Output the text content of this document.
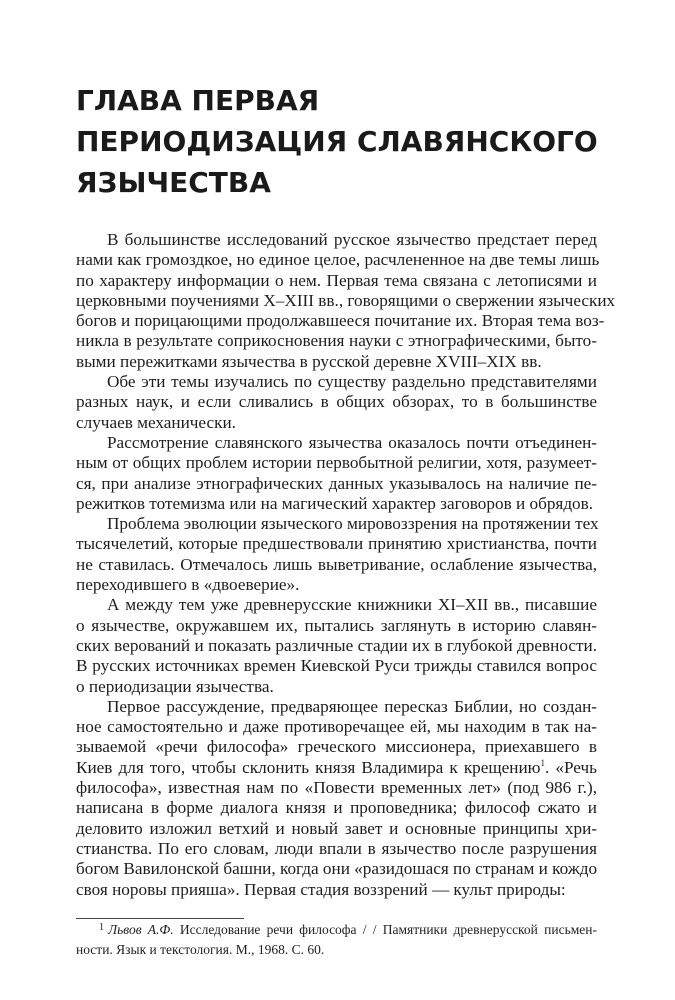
ГЛАВА ПЕРВАЯ
ПЕРИОДИЗАЦИЯ СЛАВЯНСКОГО
ЯЗЫЧЕСТВА

В большинстве исследований русское язычество предстает перед
нами как громоздкое, но единое целое, расчлененное на две темы лишь
по характеру информации о нем. Первая тема связана с летописями и
церковными поучениями X–XIII вв., говорящими о свержении языческих
богов и порицающими продолжавшееся почитание их. Вторая тема воз-
никла в результате соприкосновения науки с этнографическими, быто-
выми пережитками язычества в русской деревне XVIII–XIX вв.

Обе эти темы изучались по существу раздельно представителями
разных наук, и если сливались в общих обзорах, то в большинстве
случаев механически.

Рассмотрение славянского язычества оказалось почти отъединен-
ным от общих проблем истории первобытной религии, хотя, разумеет-
ся, при анализе этнографических данных указывалось на наличие пе-
режитков тотемизма или на магический характер заговоров и обрядов.

Проблема эволюции языческого мировоззрения на протяжении тех
тысячелетий, которые предшествовали принятию христианства, почти
не ставилась. Отмечалось лишь выветривание, ослабление язычества,
переходившего в «двоеверие».

А между тем уже древнерусские книжники XI–XII вв., писавшие
о язычестве, окружавшем их, пытались заглянуть в историю славян-
ских верований и показать различные стадии их в глубокой древности.
В русских источниках времен Киевской Руси трижды ставился вопрос
о периодизации язычества.

Первое рассуждение, предваряющее пересказ Библии, но создан-
ное самостоятельно и даже противоречащее ей, мы находим в так на-
зываемой «речи философа» греческого миссионера, приехавшего в
Киев для того, чтобы склонить князя Владимира к крещению$^1$. «Речь
философа», известная нам по «Повести временных лет» (под 986 г.),
написана в форме диалога князя и проповедника; философ сжато и
деловито изложил ветхий и новый завет и основные принципы хри-
стианства. По его словам, люди впали в язычество после разрушения
богом Вавилонской башни, когда они «разидошася по странам и кождо
своя норовы прияша». Первая стадия воззрений — культ природы:

$^1$ Львов А.Ф. Исследование речи философа / / Памятники древнерусской письмен-
ности. Язык и текстология. М., 1968. С. 60.
